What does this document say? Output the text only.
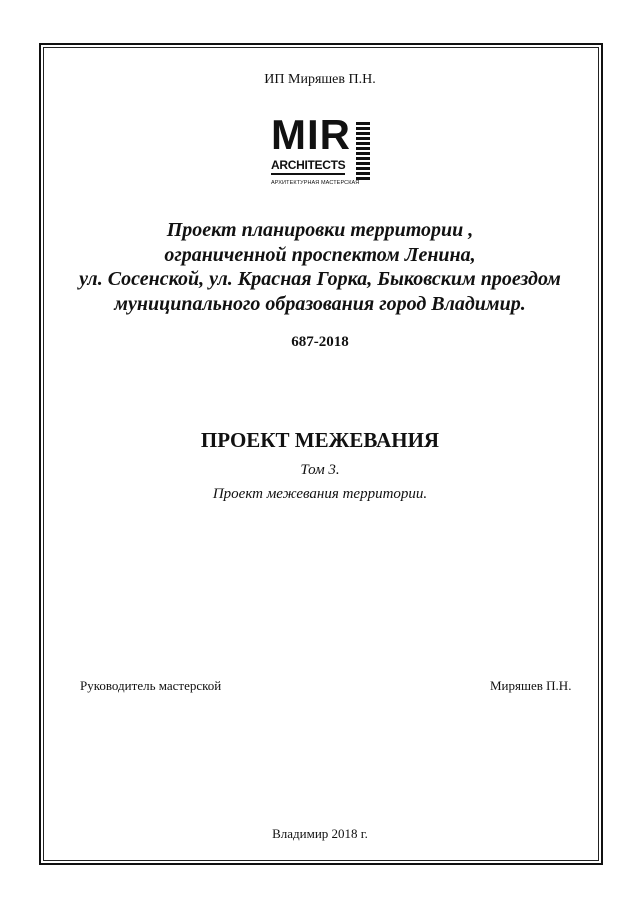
ИП Миряшев П.Н.
MIR
ARCHITECTS
АРХИТЕКТУРНАЯ МАСТЕРСКАЯ
Проект планировки территории ,
ограниченной проспектом Ленина,
ул. Сосенской, ул. Красная Горка, Быковским проездом
муниципального образования город Владимир.
687-2018
ПРОЕКТ МЕЖЕВАНИЯ
Том 3.
Проект межевания территории.
Руководитель мастерской	Миряшев П.Н.
Владимир 2018 г.
